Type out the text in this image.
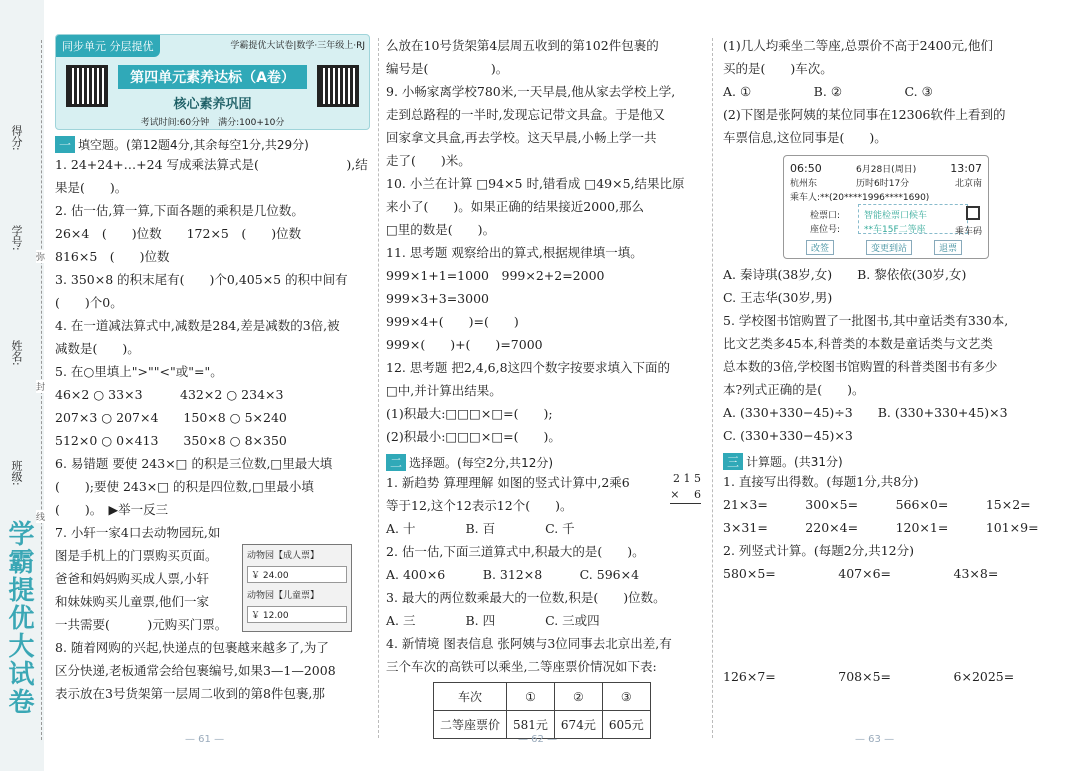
得分:
学号:
姓名:
班级:
学霸提优大试卷
弥
封
线
同步单元 分层提优	学霸提优大试卷|数学·三年级上·RJ
第四单元素养达标（A卷）
核心素养巩固
考试时间:60分钟　满分:100+10分
一 填空题。(第12题4分,其余每空1分,共29分)
1. 24+24+…+24 写成乘法算式是(　　　　　　　),结
果是(　　)。
2. 估一估,算一算,下面各题的乘积是几位数。
26×4　(　　)位数　　172×5　(　　)位数
816×5　(　　)位数
3. 350×8 的积末尾有(　　)个0,405×5 的积中间有
(　　)个0。
4. 在一道减法算式中,减数是284,差是减数的3倍,被
减数是(　　)。
5. 在○里填上">""<"或"="。
46×2 ○ 33×3　　　432×2 ○ 234×3
207×3 ○ 207×4　　150×8 ○ 5×240
512×0 ○ 0×413　　350×8 ○ 8×350
6. 易错题 要使 243×□ 的积是三位数,□里最大填
(　　);要使 243×□ 的积是四位数,□里最小填
(　　)。　▶举一反三
7. 小轩一家4口去动物园玩,如
图是手机上的门票购买页面。
爸爸和妈妈购买成人票,小轩
和妹妹购买儿童票,他们一家
一共需要(　　　)元购买门票。
8. 随着网购的兴起,快递点的包裹越来越多了,为了
区分快递,老板通常会给包裹编号,如果3—1—2008
表示放在3号货架第一层周二收到的第8件包裹,那
动物园【成人票】
￥ 24.00
动物园【儿童票】
￥ 12.00
么放在10号货架第4层周五收到的第102件包裹的
编号是(　　　　　)。
9. 小畅家离学校780米,一天早晨,他从家去学校上学,
走到总路程的一半时,发现忘记带文具盒。于是他又
回家拿文具盒,再去学校。这天早晨,小畅上学一共
走了(　　)米。
10. 小兰在计算 □94×5 时,错看成 □49×5,结果比原
来小了(　　)。如果正确的结果接近2000,那么
□里的数是(　　)。
11. 思考题 观察给出的算式,根据规律填一填。
999×1+1=1000　999×2+2=2000　999×3+3=3000
999×4+(　　)=(　　)
999×(　　)+(　　)=7000
12. 思考题 把2,4,6,8这四个数字按要求填入下面的
□中,并计算出结果。
(1)积最大:□□□×□=(　　);
(2)积最小:□□□×□=(　　)。
二 选择题。(每空2分,共12分)
1. 新趋势 算理理解 如图的竖式计算中,2乘6
等于12,这个12表示12个(　　)。
A. 十　　　　B. 百　　　　C. 千
2. 估一估,下面三道算式中,积最大的是(　　)。
A. 400×6　　　B. 312×8　　　C. 596×4
3. 最大的两位数乘最大的一位数,积是(　　)位数。
A. 三　　　　B. 四　　　　C. 三或四
4. 新情境 图表信息 张阿姨与3位同事去北京出差,有
三个车次的高铁可以乘坐,二等座票价情况如下表:
2 1 5
×　 6
车次	①	②	③
二等座票价	581元	674元	605元
(1)几人均乘坐二等座,总票价不高于2400元,他们
买的是(　　)车次。
A. ①　　　　　B. ②　　　　　C. ③
(2)下图是张阿姨的某位同事在12306软件上看到的
车票信息,这位同事是(　　)。
06:50	6月28日(周日)	13:07
杭州东	历时6时17分	北京南
乘车人:**(20****1996****1690)
检票口:	智能检票口候车
座位号:	**车15F二等座	乘车码
改签	变更到站	退票
A. 秦诗琪(38岁,女)　　B. 黎依依(30岁,女)
C. 王志华(30岁,男)
5. 学校图书馆购置了一批图书,其中童话类有330本,
比文艺类多45本,科普类的本数是童话类与文艺类
总本数的3倍,学校图书馆购置的科普类图书有多少
本?列式正确的是(　　)。
A. (330+330−45)÷3　　B. (330+330+45)×3
C. (330+330−45)×3
三 计算题。(共31分)
1. 直接写出得数。(每题1分,共8分)
21×3=　　　300×5=　　　566×0=　　　15×2=
3×31=　　　220×4=　　　120×1=　　　101×9=
2. 列竖式计算。(每题2分,共12分)
580×5=　　　　　407×6=　　　　　43×8=
126×7=　　　　　708×5=　　　　　6×2025=
— 61 —	— 62 —	— 63 —
